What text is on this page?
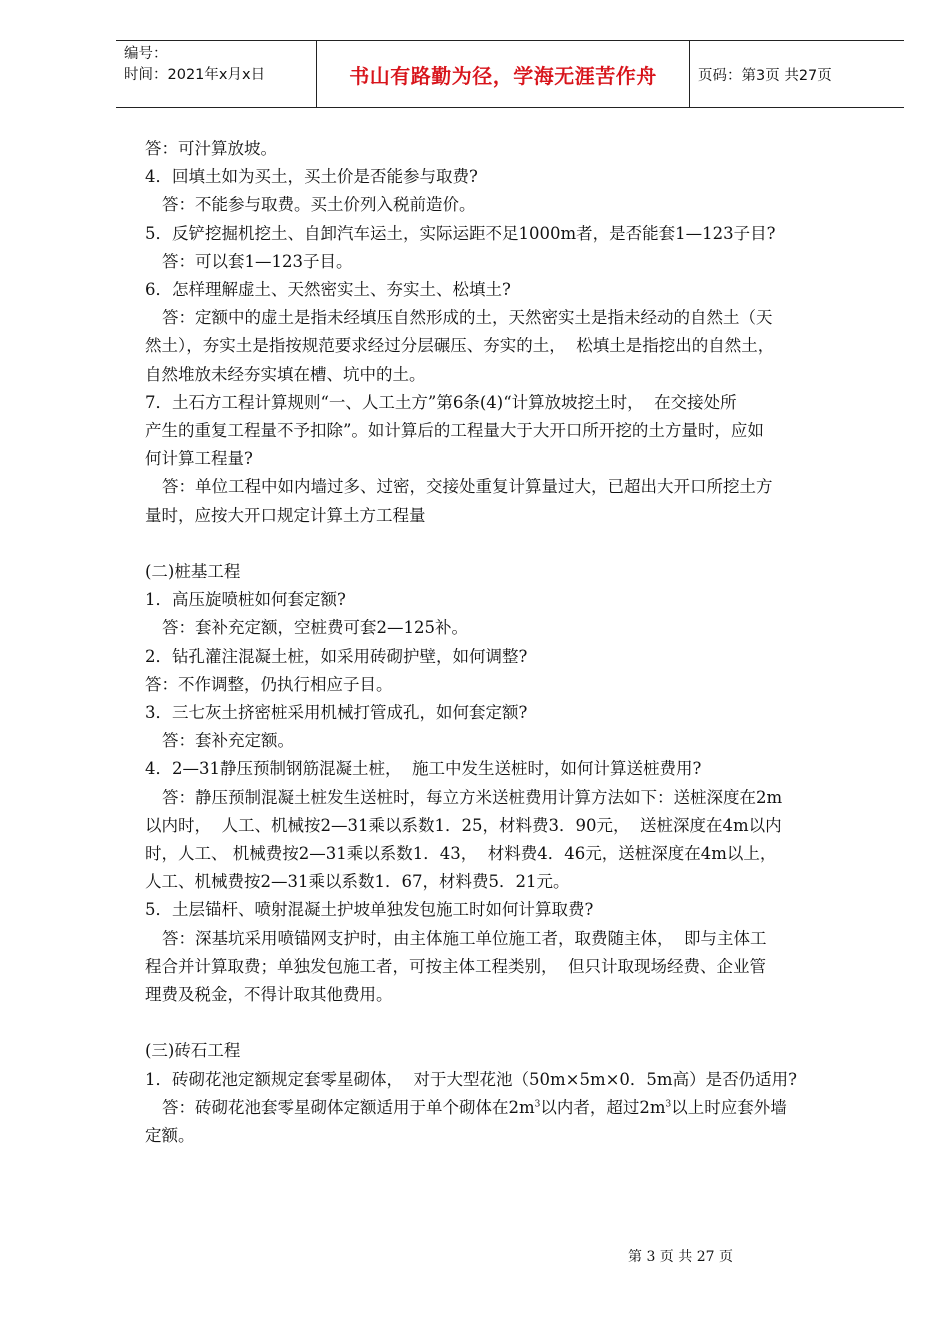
编号：
时间：2021年x月x日	书山有路勤为径，学海无涯苦作舟	页码：第3页 共27页

答：可汁算放坡。

4．回填土如为买土，买土价是否能参与取费?

答：不能参与取费。买土价列入税前造价。

5．反铲挖掘机挖土、自卸汽车运土，实际运距不足1000m者，是否能套1—123子目?

答：可以套1—123子目。

6．怎样理解虚土、天然密实土、夯实土、松填土?

答：定额中的虚土是指未经填压自然形成的土，天然密实土是指未经动的自然土（天

然土），夯实土是指按规范要求经过分层碾压、夯实的土，  松填土是指挖出的自然土，

自然堆放未经夯实填在槽、坑中的土。

7．土石方工程计算规则“一、人工土方”第6条(4)“计算放坡挖土时，  在交接处所

产生的重复工程量不予扣除”。如计算后的工程量大于大开口所开挖的土方量时，应如

何计算工程量?

答：单位工程中如内墙过多、过密，交接处重复计算量过大，已超出大开口所挖土方

量时，应按大开口规定计算土方工程量

(二)桩基工程

1．高压旋喷桩如何套定额?

答：套补充定额，空桩费可套2—125补。

2．钻孔灌注混凝土桩，如采用砖砌护壁，如何调整?

答：不作调整，仍执行相应子目。

3．三七灰土挤密桩采用机械打管成孔，如何套定额?

答：套补充定额。

4．2—31静压预制钢筋混凝土桩，  施工中发生送桩时，如何计算送桩费用?

答：静压预制混凝土桩发生送桩时，每立方米送桩费用计算方法如下：送桩深度在2m

以内时，  人工、机械按2—31乘以系数1．25，材料费3．90元，  送桩深度在4m以内

时，人工、 机械费按2—31乘以系数1．43，  材料费4．46元，送桩深度在4m以上，

人工、机械费按2—31乘以系数1．67，材料费5．21元。

5．土层锚杆、喷射混凝土护坡单独发包施工时如何计算取费?

答：深基坑采用喷锚网支护时，由主体施工单位施工者，取费随主体，  即与主体工

程合并计算取费；单独发包施工者，可按主体工程类别，  但只计取现场经费、企业管

理费及税金，不得计取其他费用。

(三)砖石工程

1．砖砌花池定额规定套零星砌体，  对于大型花池（50m×5m×0．5m高）是否仍适用?

答：砖砌花池套零星砌体定额适用于单个砌体在$2m^3$以内者，超过$2m^3$以上时应套外墙

定额。

第 3 页 共 27 页
